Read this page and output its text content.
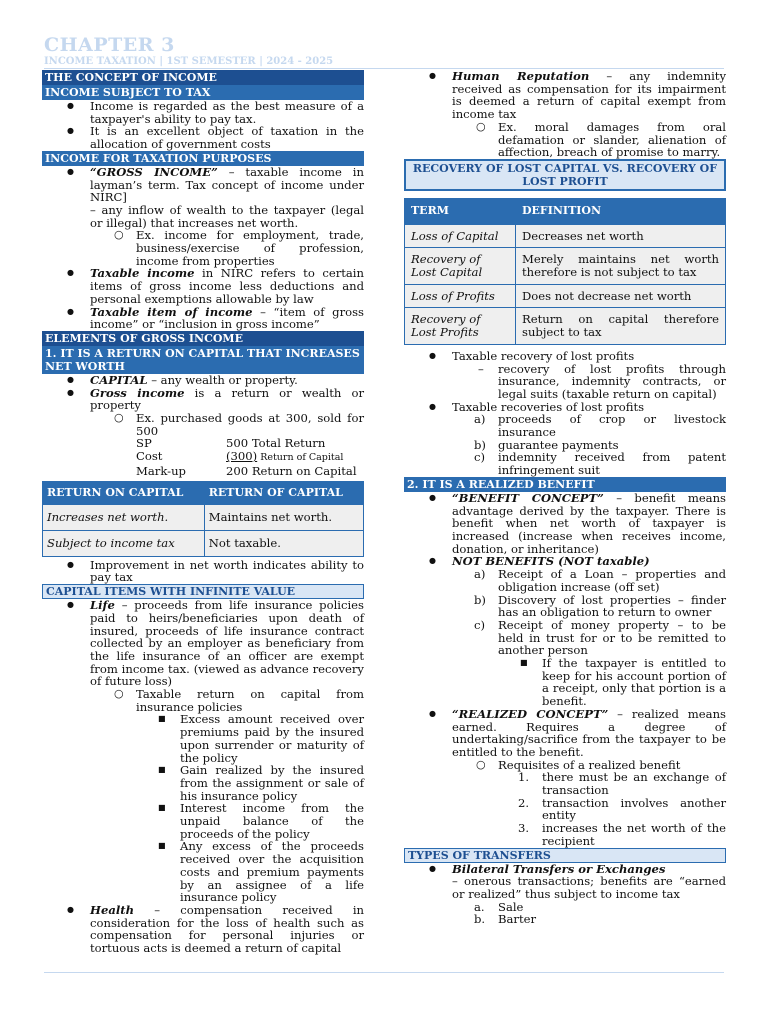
CHAPTER 3
INCOME TAXATION | 1ST SEMESTER | 2024 - 2025
THE CONCEPT OF INCOME
INCOME SUBJECT TO TAX
● Income is regarded as the best measure of a taxpayer's ability to pay tax.
● It is an excellent object of taxation in the allocation of government costs
INCOME FOR TAXATION PURPOSES
● “GROSS INCOME” – taxable income in layman’s term. Tax concept of income under NIRC]
– any inflow of wealth to the taxpayer (legal or illegal) that increases net worth.
○ Ex. income for employment, trade, business/exercise of profession, income from properties
● Taxable income in NIRC refers to certain items of gross income less deductions and personal exemptions allowable by law
● Taxable item of income – “item of gross income” or “inclusion in gross income”
ELEMENTS OF GROSS INCOME
1. IT IS A RETURN ON CAPITAL THAT INCREASES NET WORTH
● CAPITAL – any wealth or property.
● Gross income is a return or wealth or property
○ Ex. purchased goods at 300, sold for 500
SP	500 Total Return
Cost	(300) Return of Capital
Mark-up	200 Return on Capital
RETURN ON CAPITAL	RETURN OF CAPITAL
Increases net worth.	Maintains net worth.
Subject to income tax	Not taxable.
● Improvement in net worth indicates ability to pay tax
CAPITAL ITEMS WITH INFINITE VALUE
● Life – proceeds from life insurance policies paid to heirs/beneficiaries upon death of insured, proceeds of life insurance contract collected by an employer as beneficiary from the life insurance of an officer are exempt from income tax. (viewed as advance recovery of future loss)
○ Taxable return on capital from insurance policies
■ Excess amount received over premiums paid by the insured upon surrender or maturity of the policy
■ Gain realized by the insured from the assignment or sale of his insurance policy
■ Interest income from the unpaid balance of the proceeds of the policy
■ Any excess of the proceeds received over the acquisition costs and premium payments by an assignee of a life insurance policy
● Health – compensation received in consideration for the loss of health such as compensation for personal injuries or tortuous acts is deemed a return of capital
● Human Reputation – any indemnity received as compensation for its impairment is deemed a return of capital exempt from income tax
○ Ex. moral damages from oral defamation or slander, alienation of affection, breach of promise to marry.
RECOVERY OF LOST CAPITAL VS. RECOVERY OF LOST PROFIT
TERM	DEFINITION
Loss of Capital	Decreases net worth
Recovery of Lost Capital	Merely maintains net worth therefore is not subject to tax
Loss of Profits	Does not decrease net worth
Recovery of Lost Profits	Return on capital therefore subject to tax
● Taxable recovery of lost profits
– recovery of lost profits through insurance, indemnity contracts, or legal suits (taxable return on capital)
● Taxable recoveries of lost profits
a) proceeds of crop or livestock insurance
b) guarantee payments
c) indemnity received from patent infringement suit
2. IT IS A REALIZED BENEFIT
● “BENEFIT CONCEPT” – benefit means advantage derived by the taxpayer. There is benefit when net worth of taxpayer is increased (increase when receives income, donation, or inheritance)
● NOT BENEFITS (NOT taxable)
a) Receipt of a Loan – properties and obligation increase (off set)
b) Discovery of lost properties – finder has an obligation to return to owner
c) Receipt of money property – to be held in trust for or to be remitted to another person
■ If the taxpayer is entitled to keep for his account portion of a receipt, only that portion is a benefit.
● “REALIZED CONCEPT” – realized means earned. Requires a degree of undertaking/sacrifice from the taxpayer to be entitled to the benefit.
○ Requisites of a realized benefit
1. there must be an exchange of transaction
2. transaction involves another entity
3. increases the net worth of the recipient
TYPES OF TRANSFERS
● Bilateral Transfers or Exchanges
– onerous transactions; benefits are “earned or realized” thus subject to income tax
a. Sale
b. Barter
